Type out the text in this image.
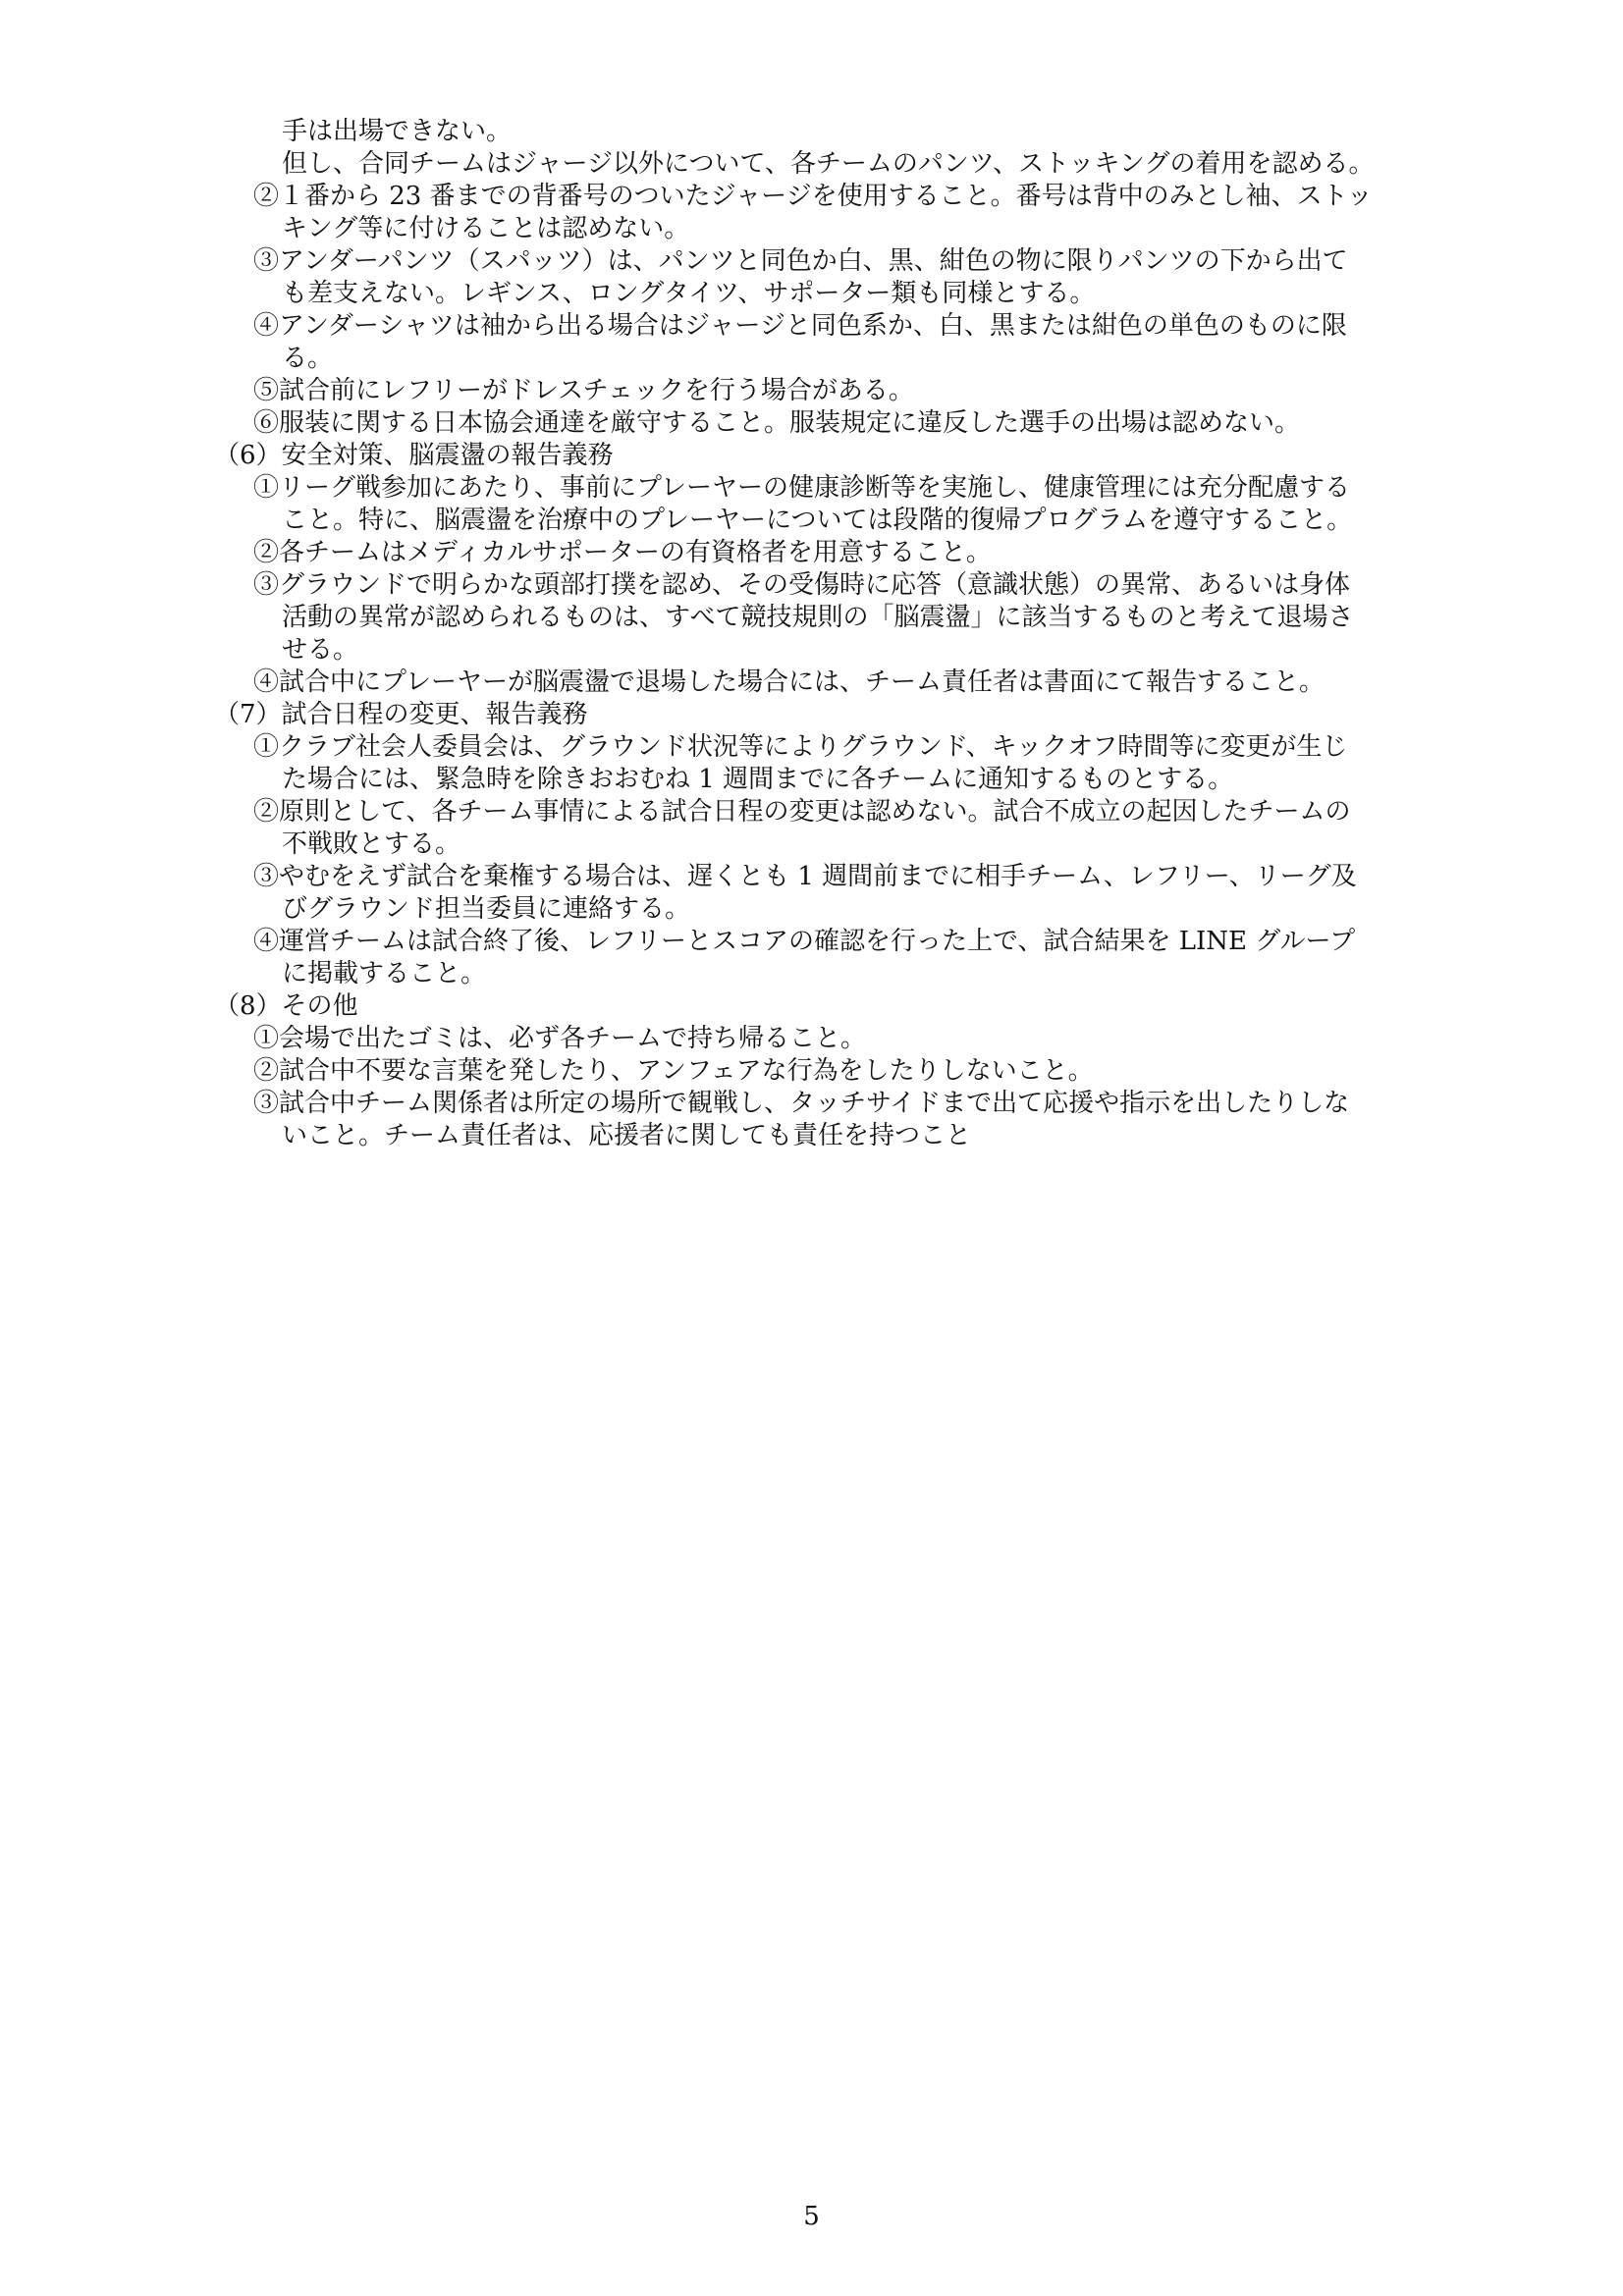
手は出場できない。
但し、合同チームはジャージ以外について、各チームのパンツ、ストッキングの着用を認める。
②１番から 23 番までの背番号のついたジャージを使用すること。番号は背中のみとし袖、ストッ
キング等に付けることは認めない。
③アンダーパンツ（スパッツ）は、パンツと同色か白、黒、紺色の物に限りパンツの下から出て
も差支えない。レギンス、ロングタイツ、サポーター類も同様とする。
④アンダーシャツは袖から出る場合はジャージと同色系か、白、黒または紺色の単色のものに限
る。
⑤試合前にレフリーがドレスチェックを行う場合がある。
⑥服装に関する日本協会通達を厳守すること。服装規定に違反した選手の出場は認めない。
（6）安全対策、脳震盪の報告義務
①リーグ戦参加にあたり、事前にプレーヤーの健康診断等を実施し、健康管理には充分配慮する
こと。特に、脳震盪を治療中のプレーヤーについては段階的復帰プログラムを遵守すること。
②各チームはメディカルサポーターの有資格者を用意すること。
③グラウンドで明らかな頭部打撲を認め、その受傷時に応答（意識状態）の異常、あるいは身体
活動の異常が認められるものは、すべて競技規則の「脳震盪」に該当するものと考えて退場さ
せる。
④試合中にプレーヤーが脳震盪で退場した場合には、チーム責任者は書面にて報告すること。
（7）試合日程の変更、報告義務
①クラブ社会人委員会は、グラウンド状況等によりグラウンド、キックオフ時間等に変更が生じ
た場合には、緊急時を除きおおむね 1 週間までに各チームに通知するものとする。
②原則として、各チーム事情による試合日程の変更は認めない。試合不成立の起因したチームの
不戦敗とする。
③やむをえず試合を棄権する場合は、遅くとも 1 週間前までに相手チーム、レフリー、リーグ及
びグラウンド担当委員に連絡する。
④運営チームは試合終了後、レフリーとスコアの確認を行った上で、試合結果を LINE グループ
に掲載すること。
（8）その他
①会場で出たゴミは、必ず各チームで持ち帰ること。
②試合中不要な言葉を発したり、アンフェアな行為をしたりしないこと。
③試合中チーム関係者は所定の場所で観戦し、タッチサイドまで出て応援や指示を出したりしな
いこと。チーム責任者は、応援者に関しても責任を持つこと
5
